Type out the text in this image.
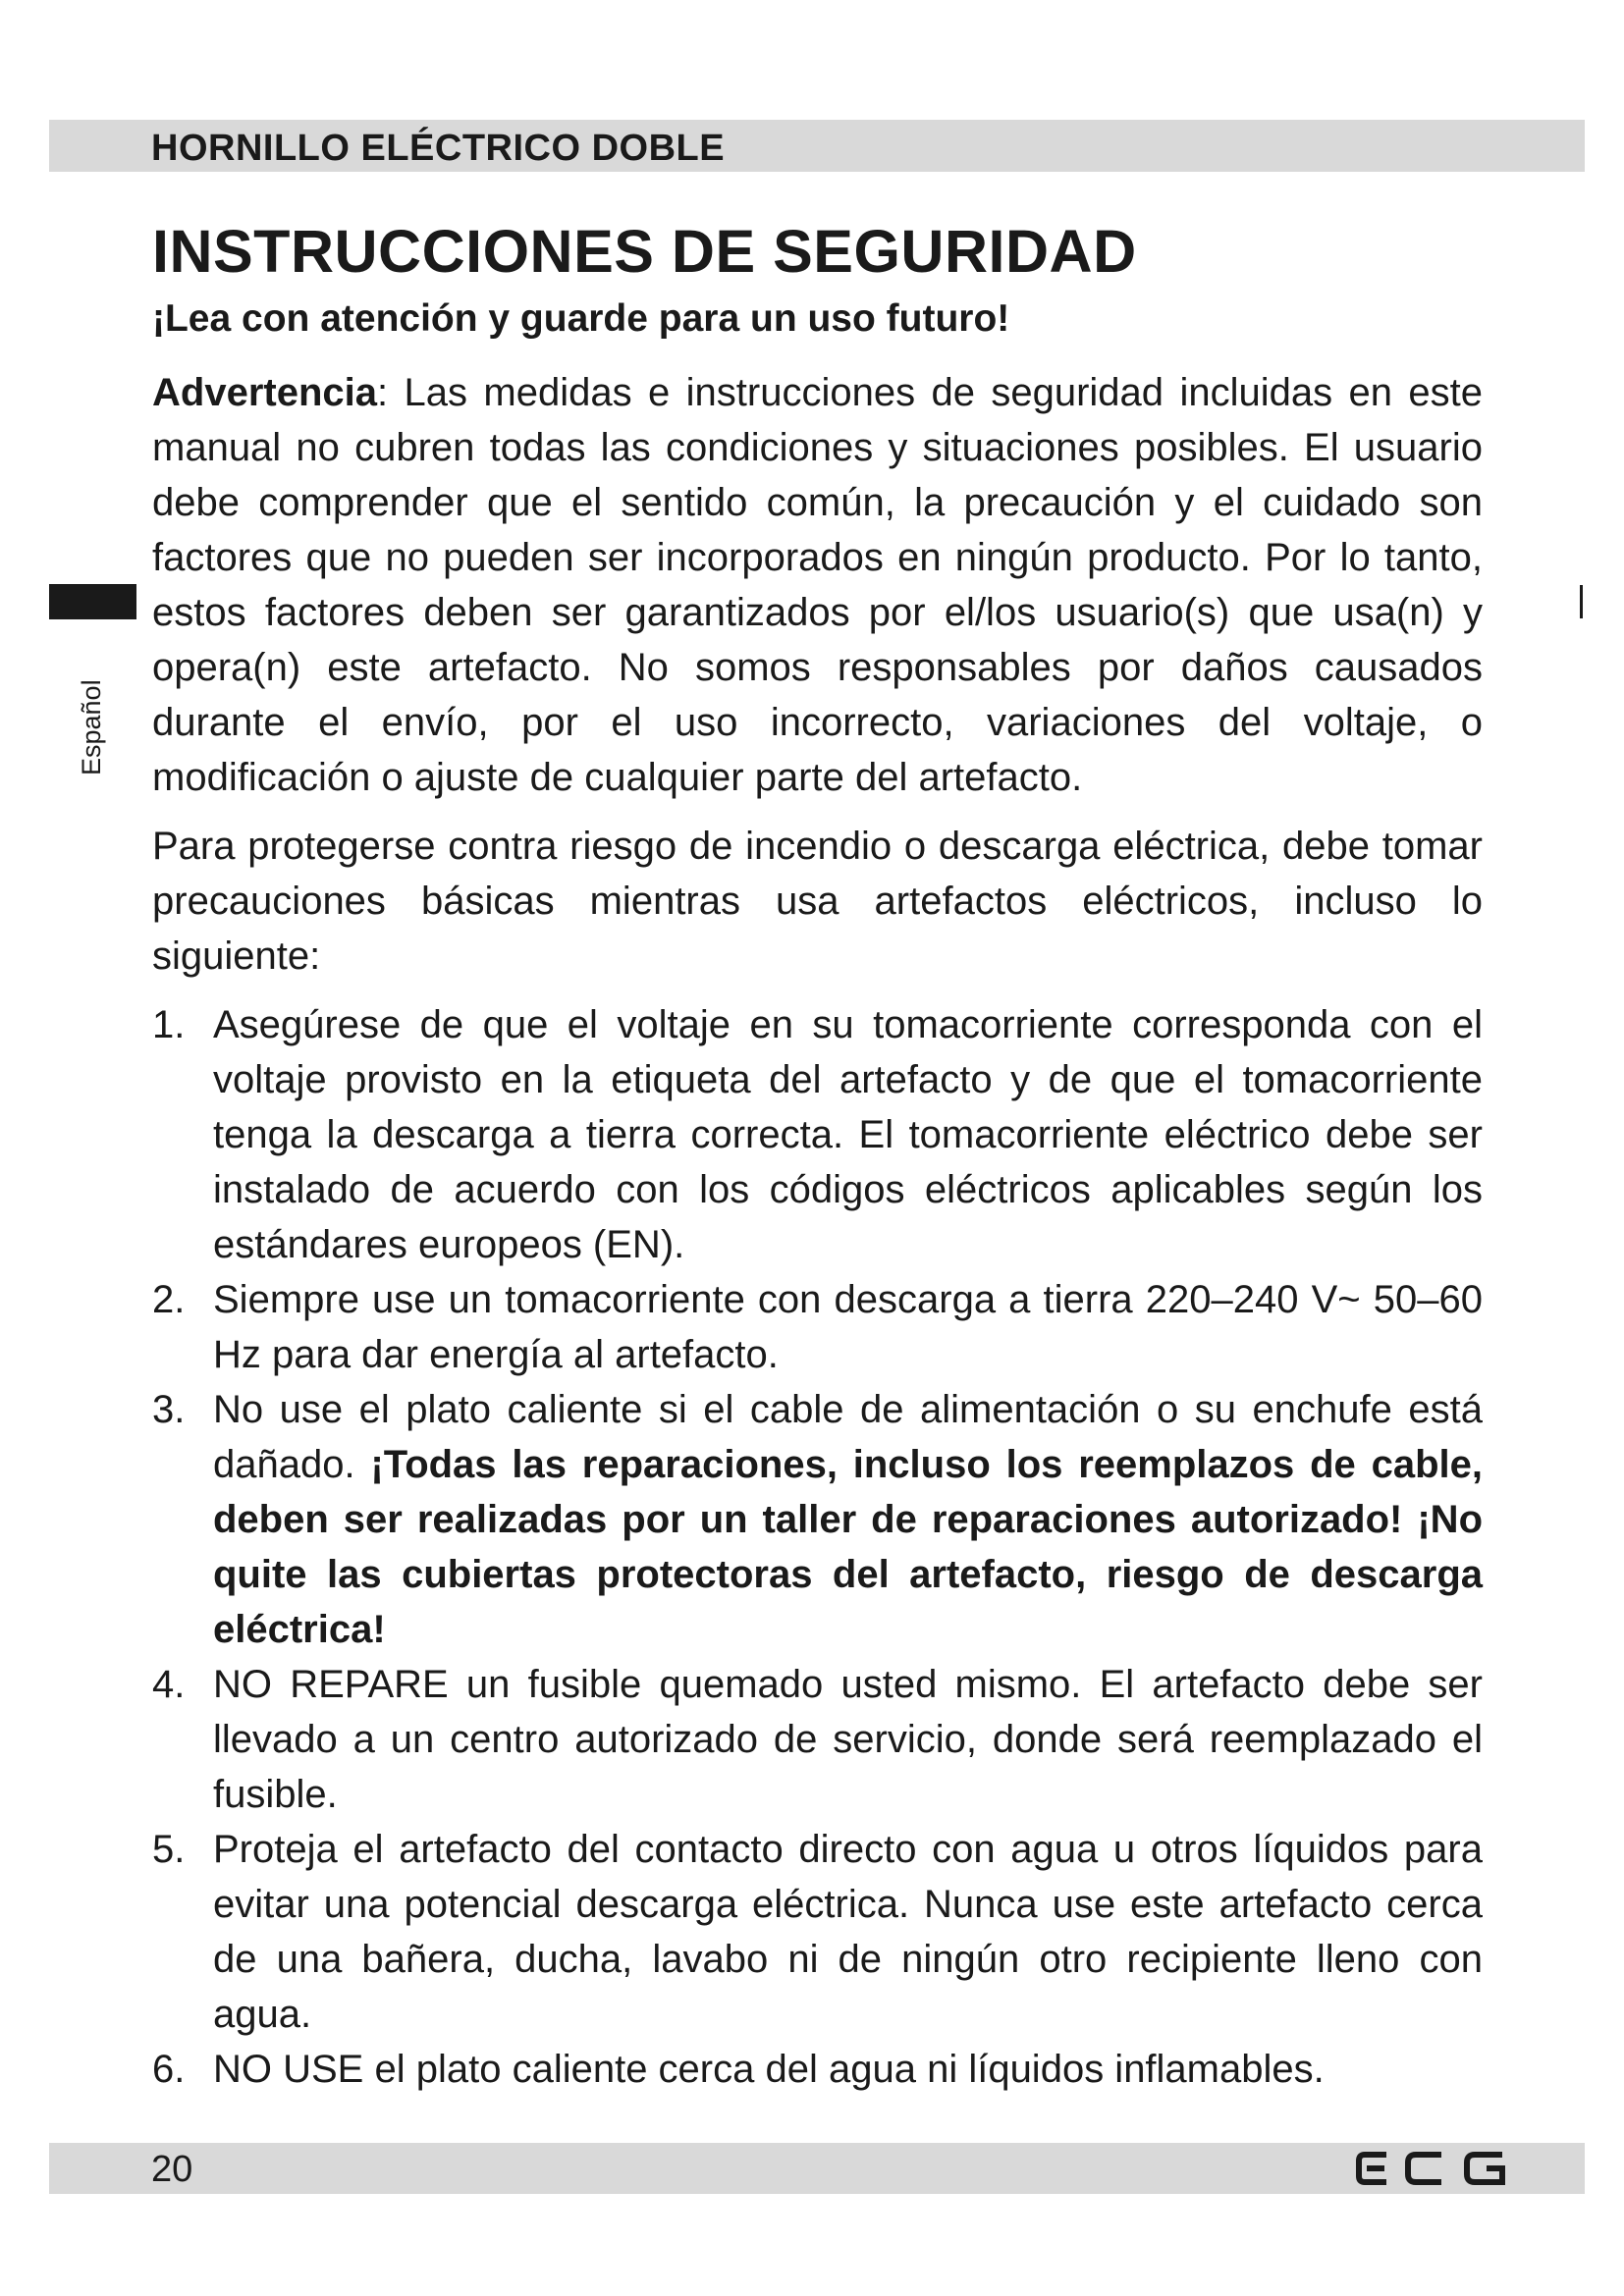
HORNILLO ELÉCTRICO DOBLE
Español
INSTRUCCIONES DE SEGURIDAD
¡Lea con atención y guarde para un uso futuro!

Advertencia: Las medidas e instrucciones de seguridad incluidas en este manual no cubren todas las condiciones y situaciones posibles. El usuario debe comprender que el sentido común, la precaución y el cuidado son factores que no pueden ser incorporados en ningún producto. Por lo tanto, estos factores deben ser garantizados por el/los usuario(s) que usa(n) y opera(n) este artefacto. No somos responsables por daños causados durante el envío, por el uso incorrecto, variaciones del voltaje, o modificación o ajuste de cualquier parte del artefacto.

Para protegerse contra riesgo de incendio o descarga eléctrica, debe tomar precauciones básicas mientras usa artefactos eléctricos, incluso lo siguiente:

1. Asegúrese de que el voltaje en su tomacorriente corresponda con el voltaje provisto en la etiqueta del artefacto y de que el tomacorriente tenga la descarga a tierra correcta. El tomacorriente eléctrico debe ser instalado de acuerdo con los códigos eléctricos aplicables según los estándares europeos (EN).
2. Siempre use un tomacorriente con descarga a tierra 220–240 V~ 50–60 Hz para dar energía al artefacto.
3. No use el plato caliente si el cable de alimentación o su enchufe está dañado. ¡Todas las reparaciones, incluso los reemplazos de cable, deben ser realizadas por un taller de reparaciones autorizado! ¡No quite las cubiertas protectoras del artefacto, riesgo de descarga eléctrica!
4. NO REPARE un fusible quemado usted mismo. El artefacto debe ser llevado a un centro autorizado de servicio, donde será reemplazado el fusible.
5. Proteja el artefacto del contacto directo con agua u otros líquidos para evitar una potencial descarga eléctrica. Nunca use este artefacto cerca de una bañera, ducha, lavabo ni de ningún otro recipiente lleno con agua.
6. NO USE el plato caliente cerca del agua ni líquidos inflamables.
20
